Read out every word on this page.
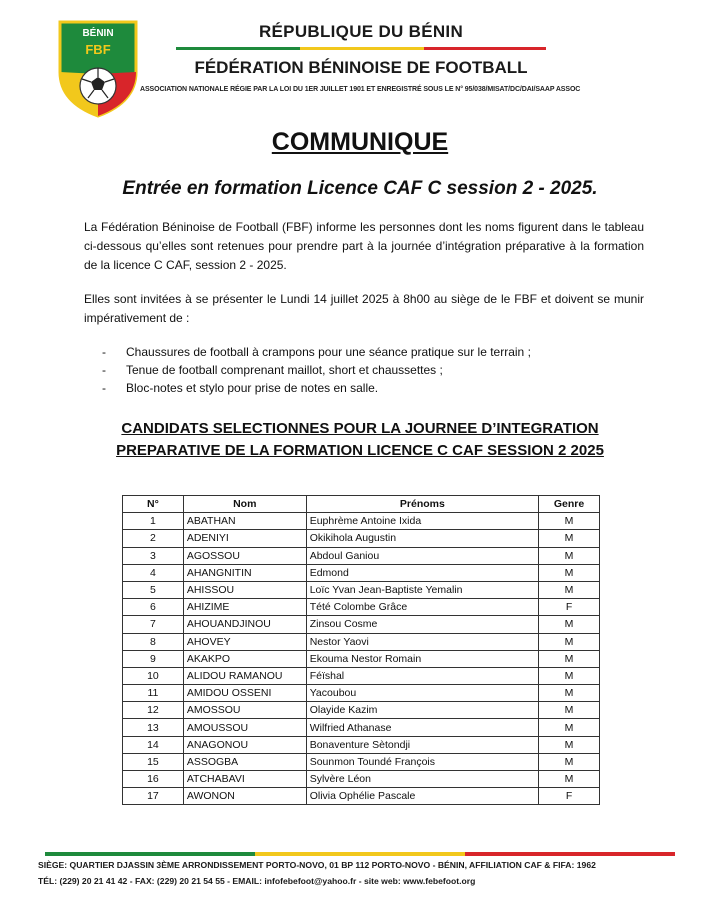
BÉNIN
FBF
RÉPUBLIQUE DU BÉNIN
FÉDÉRATION BÉNINOISE DE FOOTBALL
ASSOCIATION NATIONALE RÉGIE PAR LA LOI DU 1ER JUILLET 1901 ET ENREGISTRÉ SOUS LE N° 95/038/MISAT/DC/DAI/SAAP ASSOC
COMMUNIQUE
Entrée en formation Licence CAF C session 2 - 2025.
La Fédération Béninoise de Football (FBF) informe les personnes dont les noms figurent dans le tableau ci-dessous qu’elles sont retenues pour prendre part à la journée d’intégration préparative à la formation de la licence C CAF, session 2 - 2025.
Elles sont invitées à se présenter le Lundi 14 juillet 2025 à 8h00 au siège de le FBF et doivent se munir impérativement de :
- Chaussures de football à crampons pour une séance pratique sur le terrain ;
- Tenue de football comprenant maillot, short et chaussettes ;
- Bloc-notes et stylo pour prise de notes en salle.
CANDIDATS SELECTIONNES POUR LA JOURNEE D’INTEGRATION
PREPARATIVE DE LA FORMATION LICENCE C CAF SESSION 2 2025
N°	Nom	Prénoms	Genre
1	ABATHAN	Euphrème Antoine Ixida	M
2	ADENIYI	Okikihola Augustin	M
3	AGOSSOU	Abdoul Ganiou	M
4	AHANGNITIN	Edmond	M
5	AHISSOU	Loïc Yvan Jean-Baptiste Yemalin	M
6	AHIZIME	Tété Colombe Grâce	F
7	AHOUANDJINOU	Zinsou Cosme	M
8	AHOVEY	Nestor Yaovi	M
9	AKAKPO	Ekouma Nestor Romain	M
10	ALIDOU RAMANOU	Féïshal	M
11	AMIDOU OSSENI	Yacoubou	M
12	AMOSSOU	Olayide Kazim	M
13	AMOUSSOU	Wilfried Athanase	M
14	ANAGONOU	Bonaventure Sètondji	M
15	ASSOGBA	Sounmon Toundé François	M
16	ATCHABAVI	Sylvère Léon	M
17	AWONON	Olivia Ophélie Pascale	F
SIÈGE: QUARTIER DJASSIN 3ÈME ARRONDISSEMENT PORTO-NOVO, 01 BP 112 PORTO-NOVO - BÉNIN, AFFILIATION CAF & FIFA: 1962
TÉL: (229) 20 21 41 42 - FAX: (229) 20 21 54 55 - EMAIL: infofebefoot@yahoo.fr - site web: www.febefoot.org
